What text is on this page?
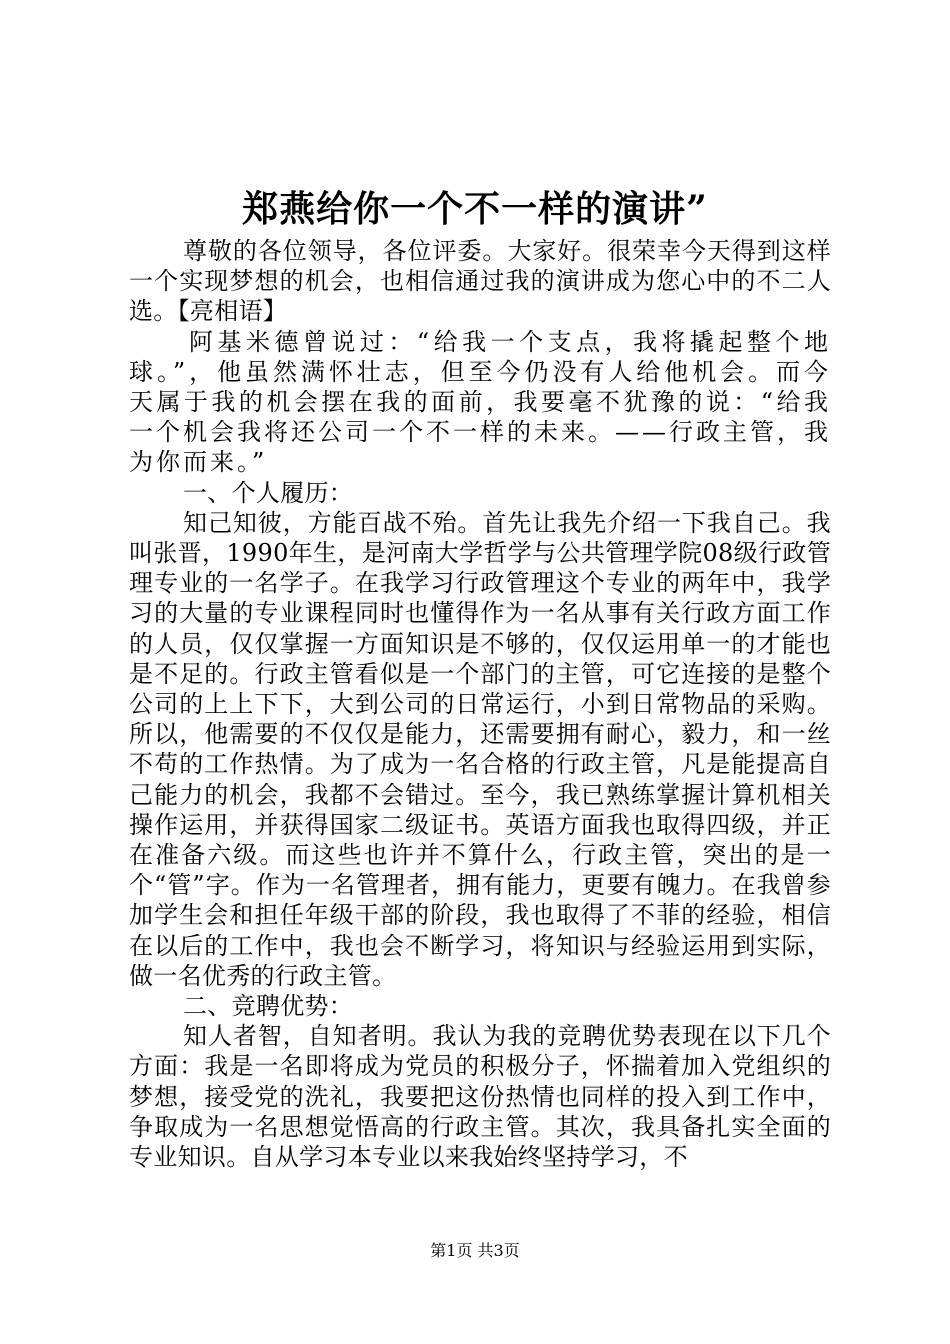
郑燕给你一个不一样的演讲”

尊敬的各位领导，各位评委。大家好。很荣幸今天得到这样一个实现梦想的机会，也相信通过我的演讲成为您心中的不二人选。【亮相语】

阿基米德曾说过：“给我一个支点，我将撬起整个地球。”，他虽然满怀壮志，但至今仍没有人给他机会。而今天属于我的机会摆在我的面前，我要毫不犹豫的说：“给我一个机会我将还公司一个不一样的未来。——行政主管，我为你而来。”

一、个人履历：

知己知彼，方能百战不殆。首先让我先介绍一下我自己。我叫张晋，1990年生，是河南大学哲学与公共管理学院08级行政管理专业的一名学子。在我学习行政管理这个专业的两年中，我学习的大量的专业课程同时也懂得作为一名从事有关行政方面工作的人员，仅仅掌握一方面知识是不够的，仅仅运用单一的才能也是不足的。行政主管看似是一个部门的主管，可它连接的是整个公司的上上下下，大到公司的日常运行，小到日常物品的采购。所以，他需要的不仅仅是能力，还需要拥有耐心，毅力，和一丝不苟的工作热情。为了成为一名合格的行政主管，凡是能提高自己能力的机会，我都不会错过。至今，我已熟练掌握计算机相关操作运用，并获得国家二级证书。英语方面我也取得四级，并正在准备六级。而这些也许并不算什么，行政主管，突出的是一个“管”字。作为一名管理者，拥有能力，更要有魄力。在我曾参加学生会和担任年级干部的阶段，我也取得了不菲的经验，相信在以后的工作中，我也会不断学习，将知识与经验运用到实际，做一名优秀的行政主管。

二、竞聘优势：

知人者智，自知者明。我认为我的竞聘优势表现在以下几个方面：我是一名即将成为党员的积极分子，怀揣着加入党组织的梦想，接受党的洗礼，我要把这份热情也同样的投入到工作中，争取成为一名思想觉悟高的行政主管。其次，我具备扎实全面的专业知识。自从学习本专业以来我始终坚持学习，不

第1页 共3页
